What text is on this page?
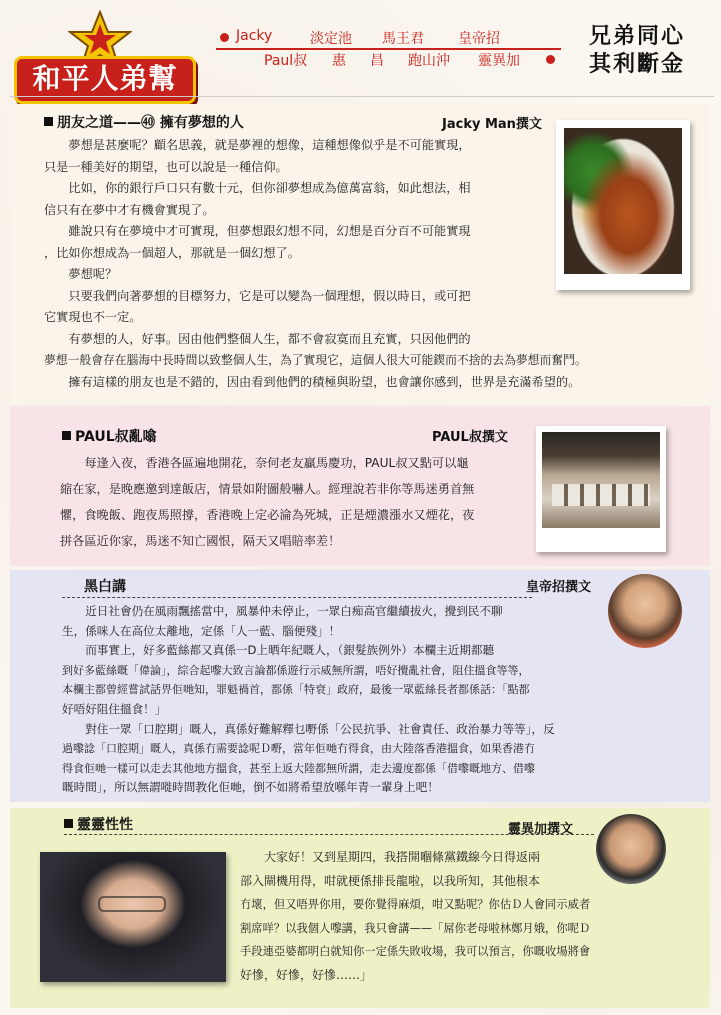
和平人弟幫
Jacky	淡定池 馬王君 皇帝招
Paul叔 惠 昌 跑山沖 靈異加
兄弟同心
其利斷金
朋友之道——㊵ 擁有夢想的人	Jacky Man撰文

夢想是甚麼呢？顧名思義，就是夢裡的想像，這種想像似乎是不可能實現，

只是一種美好的期望，也可以說是一種信仰。

比如，你的銀行戶口只有數十元，但你卻夢想成為億萬富翁，如此想法，相

信只有在夢中才有機會實現了。

雖說只有在夢境中才可實現，但夢想跟幻想不同，幻想是百分百不可能實現

，比如你想成為一個超人，那就是一個幻想了。

夢想呢？

只要我們向著夢想的目標努力，它是可以變為一個理想，假以時日，或可把

它實現也不一定。

有夢想的人，好事。因由他們整個人生，都不會寂寞而且充實，只因他們的

夢想一般會存在腦海中長時間以致整個人生，為了實現它，這個人很大可能鍥而不捨的去為夢想而奮鬥。

擁有這樣的朋友也是不錯的，因由看到他們的積極與盼望，也會讓你感到，世界是充滿希望的。

PAUL叔亂噏	PAUL叔撰文

每逢入夜，香港各區遍地開花，奈何老友贏馬慶功，PAUL叔又點可以龜

縮在家，是晚應邀到達飯店，情景如附圖般嚇人。經理說若非你等馬迷勇首無

懼，食晚飯、跑夜馬照撐，香港晚上定必淪為死城，正是煙濃漲水又煙花，夜

拼各區近你家，馬迷不知亡國恨，隔天又唱賠率差！

黑白講	皇帝招撰文

近日社會仍在風雨飄搖當中，風暴仲未停止，一眾白痴高官繼續拔火，攪到民不聊

生，係咪人在高位太離地，定係「人一藍、腦便殘」！

而事實上，好多藍絲都又真係一D上晒年紀嘅人，（銀髮族例外）本欄主近期都聽

到好多藍絲嘅「偉論」，綜合起嚟大致言論都係遊行示威無所謂，唔好攪亂社會，阻住搵食等等，

本欄主都曾經嘗試話畀佢哋知，罪魁禍首，都係「特衰」政府，最後一眾藍絲長者都係話：「點都

好唔好阻住搵食！」

對住一眾「口腔期」嘅人，真係好難解釋乜嘢係「公民抗爭、社會責任、政治暴力等等」，反

過嚟諗「口腔期」嘅人，真係冇需要諗呢Ｄ嘢，當年佢哋冇得食，由大陸落香港搵食，如果香港冇

得食佢哋一樣可以走去其他地方搵食，甚至上返大陸都無所謂，走去邊度都係「借嚟嘅地方、借嚟

嘅時間」，所以無謂嘥時間教化佢哋，倒不如將希望放喺年青一輩身上吧！

靈靈性性	靈異加撰文

大家好！又到星期四，我搭開嗰條黨鐵線今日得返兩

部入閘機用得，咁就梗係排長龍啦，以我所知，其他根本

冇壞，但又唔畀你用，要你覺得麻煩，咁又點呢？你估Ｄ人會同示威者

割席咩？以我個人嚟講，我只會講——「屌你老母啦林鄭月娥，你呢Ｄ

手段連亞婆都明白就知你一定係失敗收場，我可以預言，你嘅收場將會

好慘，好慘，好慘……」
